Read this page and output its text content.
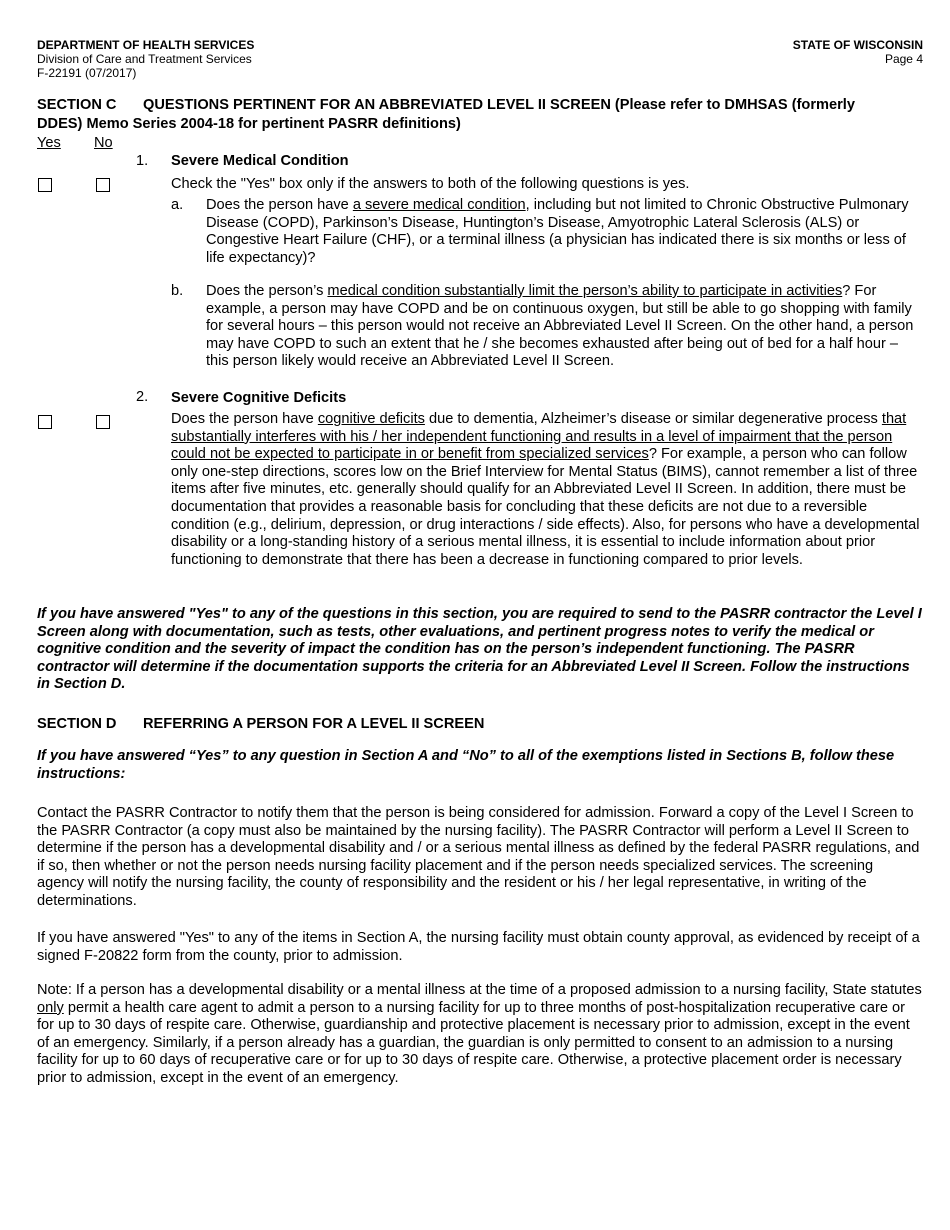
DEPARTMENT OF HEALTH SERVICES
Division of Care and Treatment Services
F-22191 (07/2017)
STATE OF WISCONSIN
Page 4
SECTION C QUESTIONS PERTINENT FOR AN ABBREVIATED LEVEL II SCREEN (Please refer to DMHSAS (formerly
DDES) Memo Series 2004-18 for pertinent PASRR definitions)
Yes No
1. Severe Medical Condition
Check the "Yes" box only if the answers to both of the following questions is yes.
a. Does the person have a severe medical condition, including but not limited to Chronic Obstructive Pulmonary Disease (COPD), Parkinson’s Disease, Huntington’s Disease, Amyotrophic Lateral Sclerosis (ALS) or Congestive Heart Failure (CHF), or a terminal illness (a physician has indicated there is six months or less of life expectancy)?

b. Does the person’s medical condition substantially limit the person’s ability to participate in activities? For example, a person may have COPD and be on continuous oxygen, but still be able to go shopping with family for several hours – this person would not receive an Abbreviated Level II Screen. On the other hand, a person may have COPD to such an extent that he / she becomes exhausted after being out of bed for a half hour – this person likely would receive an Abbreviated Level II Screen.

2. Severe Cognitive Deficits

Does the person have cognitive deficits due to dementia, Alzheimer’s disease or similar degenerative process that substantially interferes with his / her independent functioning and results in a level of impairment that the person could not be expected to participate in or benefit from specialized services? For example, a person who can follow only one-step directions, scores low on the Brief Interview for Mental Status (BIMS), cannot remember a list of three items after five minutes, etc. generally should qualify for an Abbreviated Level II Screen. In addition, there must be documentation that provides a reasonable basis for concluding that these deficits are not due to a reversible condition (e.g., delirium, depression, or drug interactions / side effects). Also, for persons who have a developmental disability or a long-standing history of a serious mental illness, it is essential to include information about prior functioning to demonstrate that there has been a decrease in functioning compared to prior levels.

If you have answered "Yes" to any of the questions in this section, you are required to send to the PASRR contractor the Level I Screen along with documentation, such as tests, other evaluations, and pertinent progress notes to verify the medical or cognitive condition and the severity of impact the condition has on the person’s independent functioning. The PASRR contractor will determine if the documentation supports the criteria for an Abbreviated Level II Screen. Follow the instructions in Section D.

SECTION D REFERRING A PERSON FOR A LEVEL II SCREEN

If you have answered “Yes” to any question in Section A and “No” to all of the exemptions listed in Sections B, follow these instructions:

Contact the PASRR Contractor to notify them that the person is being considered for admission. Forward a copy of the Level I Screen to the PASRR Contractor (a copy must also be maintained by the nursing facility). The PASRR Contractor will perform a Level II Screen to determine if the person has a developmental disability and / or a serious mental illness as defined by the federal PASRR regulations, and if so, then whether or not the person needs nursing facility placement and if the person needs specialized services. The screening agency will notify the nursing facility, the county of responsibility and the resident or his / her legal representative, in writing of the determinations.

If you have answered "Yes" to any of the items in Section A, the nursing facility must obtain county approval, as evidenced by receipt of a signed F-20822 form from the county, prior to admission.

Note: If a person has a developmental disability or a mental illness at the time of a proposed admission to a nursing facility, State statutes only permit a health care agent to admit a person to a nursing facility for up to three months of post-hospitalization recuperative care or for up to 30 days of respite care. Otherwise, guardianship and protective placement is necessary prior to admission, except in the event of an emergency. Similarly, if a person already has a guardian, the guardian is only permitted to consent to an admission to a nursing facility for up to 60 days of recuperative care or for up to 30 days of respite care. Otherwise, a protective placement order is necessary prior to admission, except in the event of an emergency.
